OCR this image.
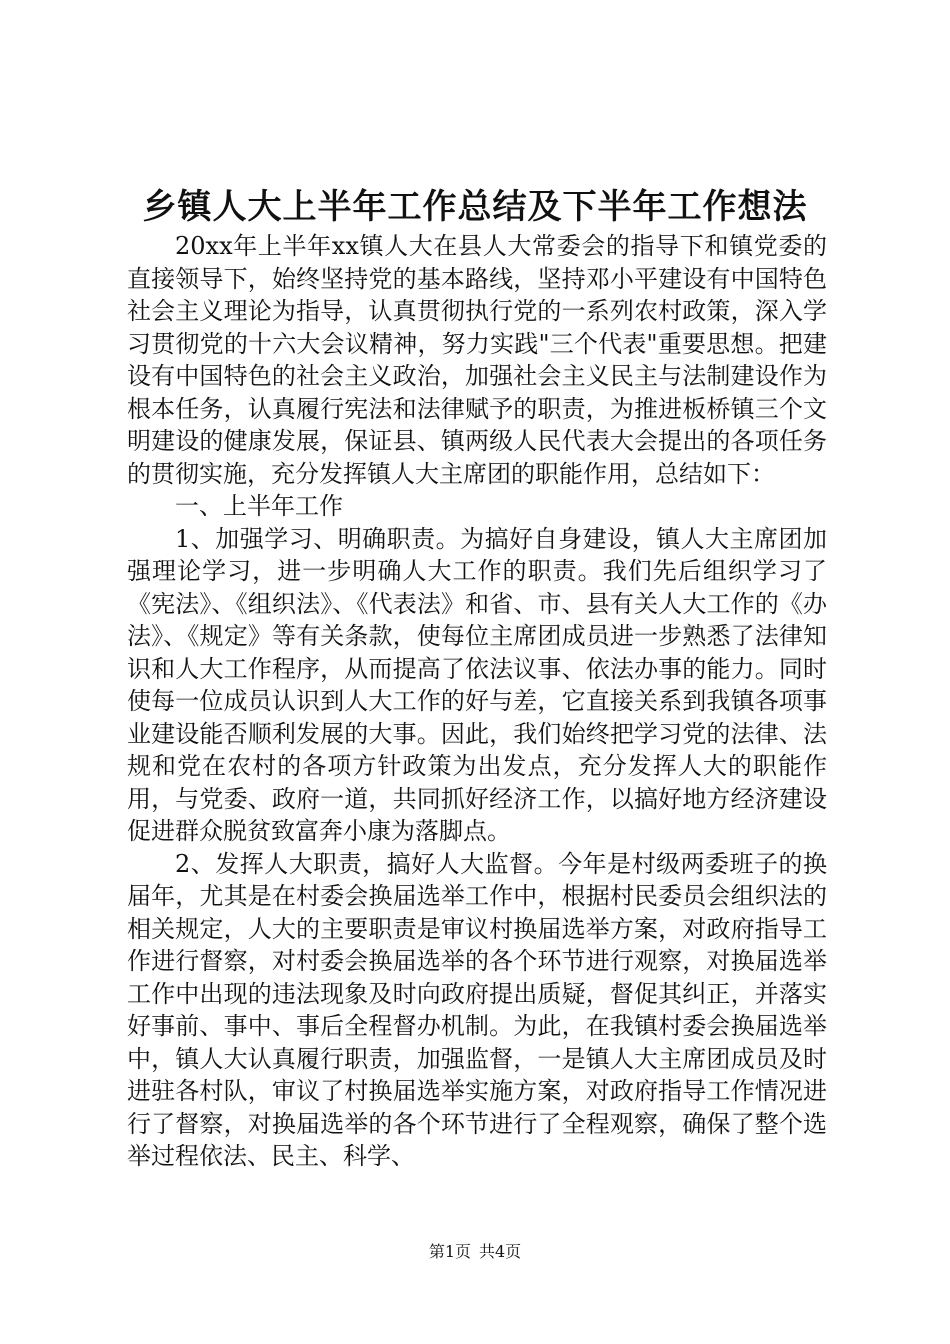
乡镇人大上半年工作总结及下半年工作想法

20xx年上半年xx镇人大在县人大常委会的指导下和镇党委的直接领导下，始终坚持党的基本路线，坚持邓小平建设有中国特色社会主义理论为指导，认真贯彻执行党的一系列农村政策，深入学习贯彻党的十六大会议精神，努力实践"三个代表"重要思想。把建设有中国特色的社会主义政治，加强社会主义民主与法制建设作为根本任务，认真履行宪法和法律赋予的职责，为推进板桥镇三个文明建设的健康发展，保证县、镇两级人民代表大会提出的各项任务的贯彻实施，充分发挥镇人大主席团的职能作用，总结如下：

一、上半年工作

1、加强学习、明确职责。为搞好自身建设，镇人大主席团加强理论学习，进一步明确人大工作的职责。我们先后组织学习了《宪法》、《组织法》、《代表法》和省、市、县有关人大工作的《办法》、《规定》等有关条款，使每位主席团成员进一步熟悉了法律知识和人大工作程序，从而提高了依法议事、依法办事的能力。同时使每一位成员认识到人大工作的好与差，它直接关系到我镇各项事业建设能否顺利发展的大事。因此，我们始终把学习党的法律、法规和党在农村的各项方针政策为出发点，充分发挥人大的职能作用，与党委、政府一道，共同抓好经济工作，以搞好地方经济建设促进群众脱贫致富奔小康为落脚点。

2、发挥人大职责，搞好人大监督。今年是村级两委班子的换届年，尤其是在村委会换届选举工作中，根据村民委员会组织法的相关规定，人大的主要职责是审议村换届选举方案，对政府指导工作进行督察，对村委会换届选举的各个环节进行观察，对换届选举工作中出现的违法现象及时向政府提出质疑，督促其纠正，并落实好事前、事中、事后全程督办机制。为此，在我镇村委会换届选举中，镇人大认真履行职责，加强监督，一是镇人大主席团成员及时进驻各村队，审议了村换届选举实施方案，对政府指导工作情况进行了督察，对换届选举的各个环节进行了全程观察，确保了整个选举过程依法、民主、科学、

第1页 共4页
